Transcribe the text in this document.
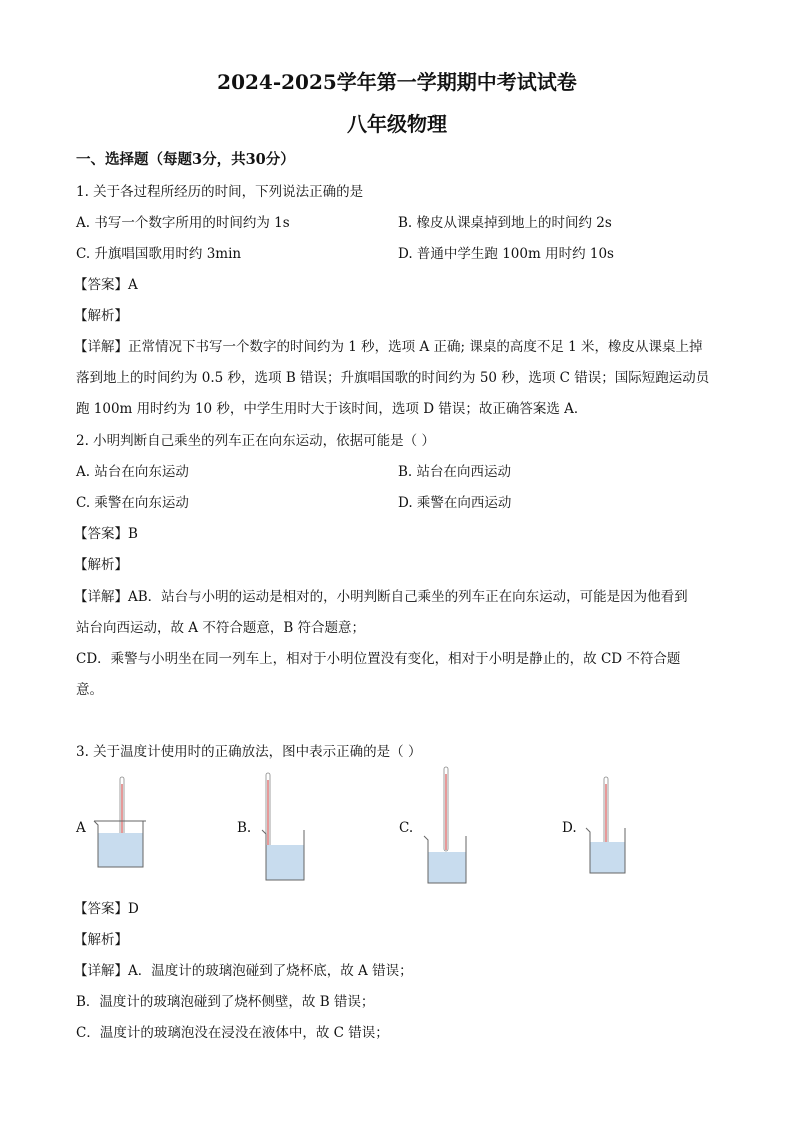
2024-2025学年第一学期期中考试试卷
八年级物理
一、选择题（每题3分，共30分）
1. 关于各过程所经历的时间，下列说法正确的是
A. 书写一个数字所用的时间约为 1s	B. 橡皮从课桌掉到地上的时间约 2s
C. 升旗唱国歌用时约 3min	D. 普通中学生跑 100m 用时约 10s
【答案】A
【解析】
【详解】正常情况下书写一个数字的时间约为 1 秒，选项 A 正确; 课桌的高度不足 1 米，橡皮从课桌上掉
落到地上的时间约为 0.5 秒，选项 B 错误；升旗唱国歌的时间约为 50 秒，选项 C 错误；国际短跑运动员
跑 100m 用时约为 10 秒，中学生用时大于该时间，选项 D 错误；故正确答案选 A．
2. 小明判断自己乘坐的列车正在向东运动，依据可能是（ ）
A. 站台在向东运动	B. 站台在向西运动
C. 乘警在向东运动	D. 乘警在向西运动
【答案】B
【解析】
【详解】AB．站台与小明的运动是相对的，小明判断自己乘坐的列车正在向东运动，可能是因为他看到
站台向西运动，故 A 不符合题意，B 符合题意；
CD．乘警与小明坐在同一列车上，相对于小明位置没有变化，相对于小明是静止的，故 CD 不符合题
意。
3. 关于温度计使用时的正确放法，图中表示正确的是（ ）
A	B.	C.	D.
【答案】D
【解析】
【详解】A．温度计的玻璃泡碰到了烧杯底，故 A 错误；
B．温度计的玻璃泡碰到了烧杯侧壁，故 B 错误；
C．温度计的玻璃泡没在浸没在液体中，故 C 错误；
